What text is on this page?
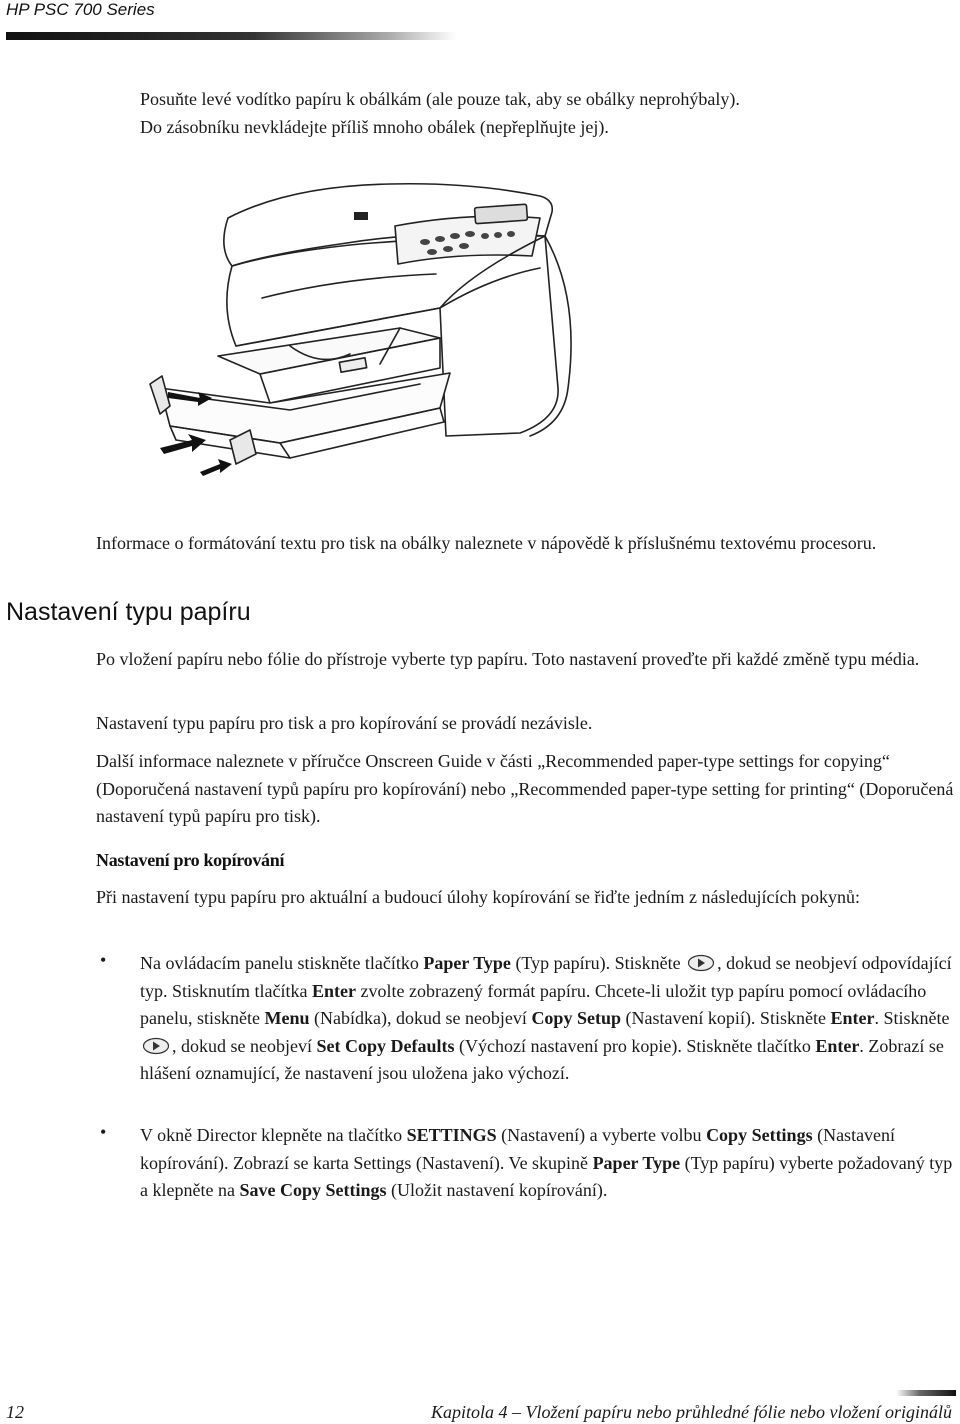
HP PSC 700 Series

Posuňte levé vodítko papíru k obálkám (ale pouze tak, aby se obálky neprohýbaly).
Do zásobníku nevkládejte příliš mnoho obálek (nepřeplňujte jej).

Informace o formátování textu pro tisk na obálky naleznete v nápovědě k příslušnému textovému procesoru.

Nastavení typu papíru

Po vložení papíru nebo fólie do přístroje vyberte typ papíru. Toto nastavení proveďte při každé změně typu média.

Nastavení typu papíru pro tisk a pro kopírování se provádí nezávisle.

Další informace naleznete v příručce Onscreen Guide v části „Recommended paper-type settings for copying“ (Doporučená nastavení typů papíru pro kopírování) nebo „Recommended paper-type setting for printing“ (Doporučená nastavení typů papíru pro tisk).

Nastavení pro kopírování

Při nastavení typu papíru pro aktuální a budoucí úlohy kopírování se řiďte jedním z následujících pokynů:

• Na ovládacím panelu stiskněte tlačítko Paper Type (Typ papíru). Stiskněte , dokud se neobjeví odpovídající typ. Stisknutím tlačítka Enter zvolte zobrazený formát papíru. Chcete-li uložit typ papíru pomocí ovládacího panelu, stiskněte Menu (Nabídka), dokud se neobjeví Copy Setup (Nastavení kopií). Stiskněte Enter. Stiskněte , dokud se neobjeví Set Copy Defaults (Výchozí nastavení pro kopie). Stiskněte tlačítko Enter. Zobrazí se hlášení oznamující, že nastavení jsou uložena jako výchozí.

• V okně Director klepněte na tlačítko SETTINGS (Nastavení) a vyberte volbu Copy Settings (Nastavení kopírování). Zobrazí se karta Settings (Nastavení). Ve skupině Paper Type (Typ papíru) vyberte požadovaný typ a klepněte na Save Copy Settings (Uložit nastavení kopírování).

12	Kapitola 4 – Vložení papíru nebo průhledné fólie nebo vložení originálů
